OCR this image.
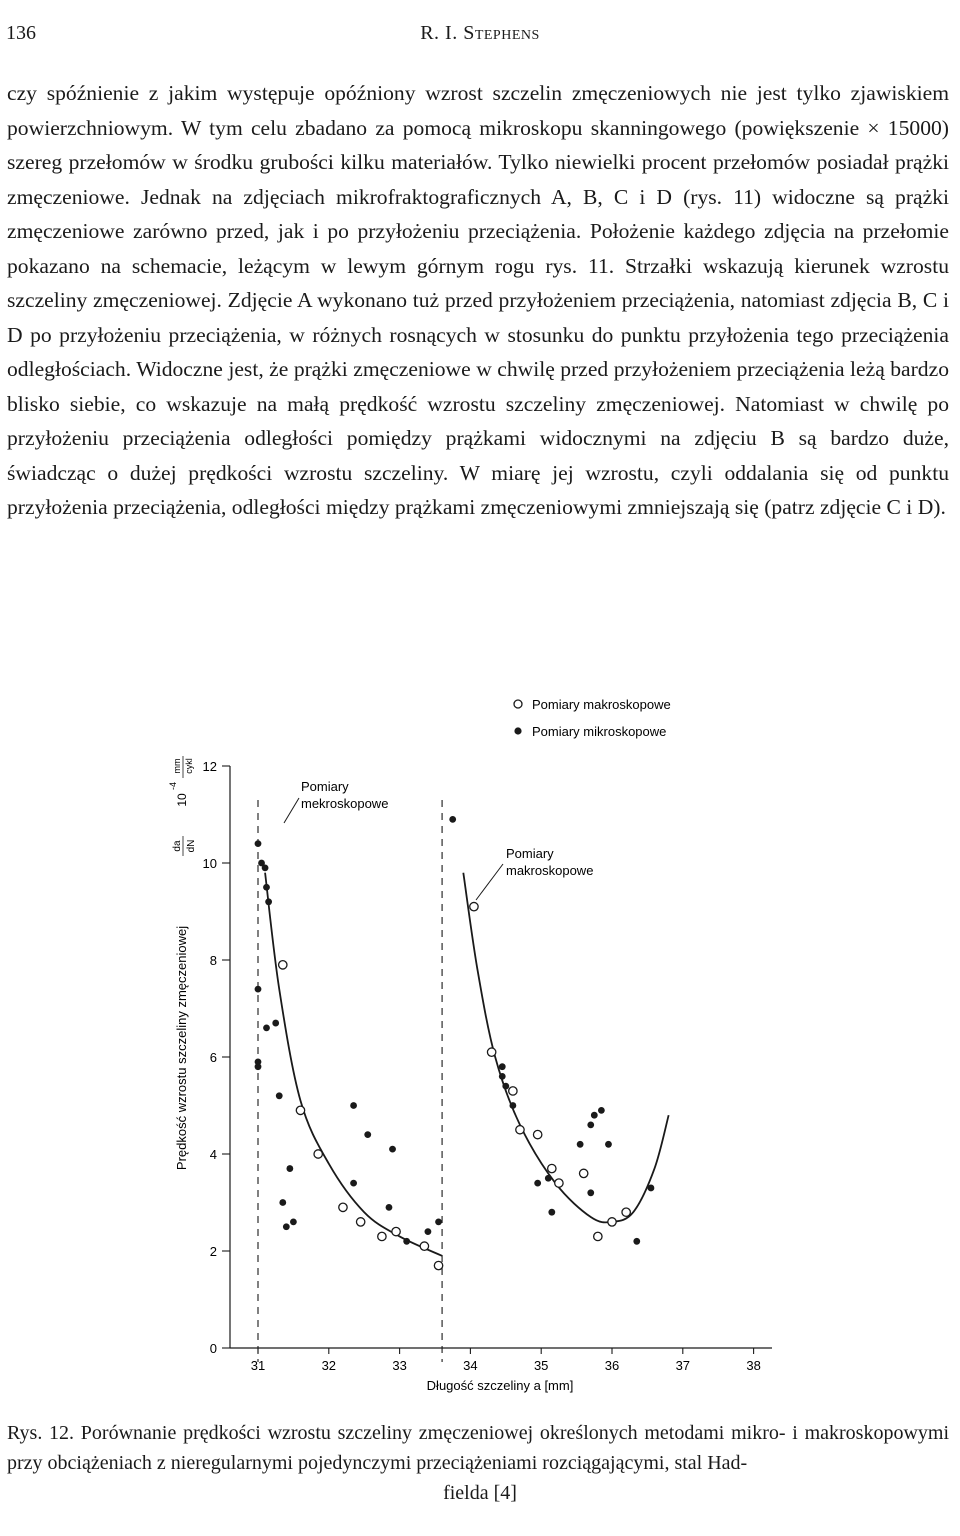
136	R. I. Stephens

czy spóźnienie z jakim występuje opóźniony wzrost szczelin zmęczeniowych nie jest tylko zjawiskiem powierzchniowym. W tym celu zbadano za pomocą mikroskopu skanningowego (powiększenie × 15000) szereg przełomów w środku grubości kilku materiałów. Tylko niewielki procent przełomów posiadał prążki zmęczeniowe. Jednak na zdjęciach mikrofraktograficznych A, B, C i D (rys. 11) widoczne są prążki zmęczeniowe zarówno przed, jak i po przyłożeniu przeciążenia. Położenie każdego zdjęcia na przełomie pokazano na schemacie, leżącym w lewym górnym rogu rys. 11. Strzałki wskazują kierunek wzrostu szczeliny zmęczeniowej. Zdjęcie A wykonano tuż przed przyłożeniem przeciążenia, natomiast zdjęcia B, C i D po przyłożeniu przeciążenia, w różnych rosnących w stosunku do punktu przyłożenia tego przeciążenia odległościach. Widoczne jest, że prążki zmęczeniowe w chwilę przed przyłożeniem przeciążenia leżą bardzo blisko siebie, co wskazuje na małą prędkość wzrostu szczeliny zmęczeniowej. Natomiast w chwilę po przyłożeniu przeciążenia odległości pomiędzy prążkami widocznymi na zdjęciu B są bardzo duże, świadcząc o dużej prędkości wzrostu szczeliny. W miarę jej wzrostu, czyli oddalania się od punktu przyłożenia przeciążenia, odległości między prążkami zmęczeniowymi zmniejszają się (patrz zdjęcie C i D).

0
2
4
6
8
10
12
31	32	33	34	35	36	37	38
Pomiary makroskopowe
Pomiary mikroskopowe
Pomiary
mekroskopowe
Pomiary
makroskopowe
Długość szczeliny a [mm]
Prędkość wzrostu szczeliny zmęczeniowej
da dN
10
-4
mm cykl
Rys. 12. Porównanie prędkości wzrostu szczeliny zmęczeniowej określonych metodami mikro- i makroskopowymi przy obciążeniach z nieregularnymi pojedynczymi przeciążeniami rozciągającymi, stal Had-
fielda [4]
